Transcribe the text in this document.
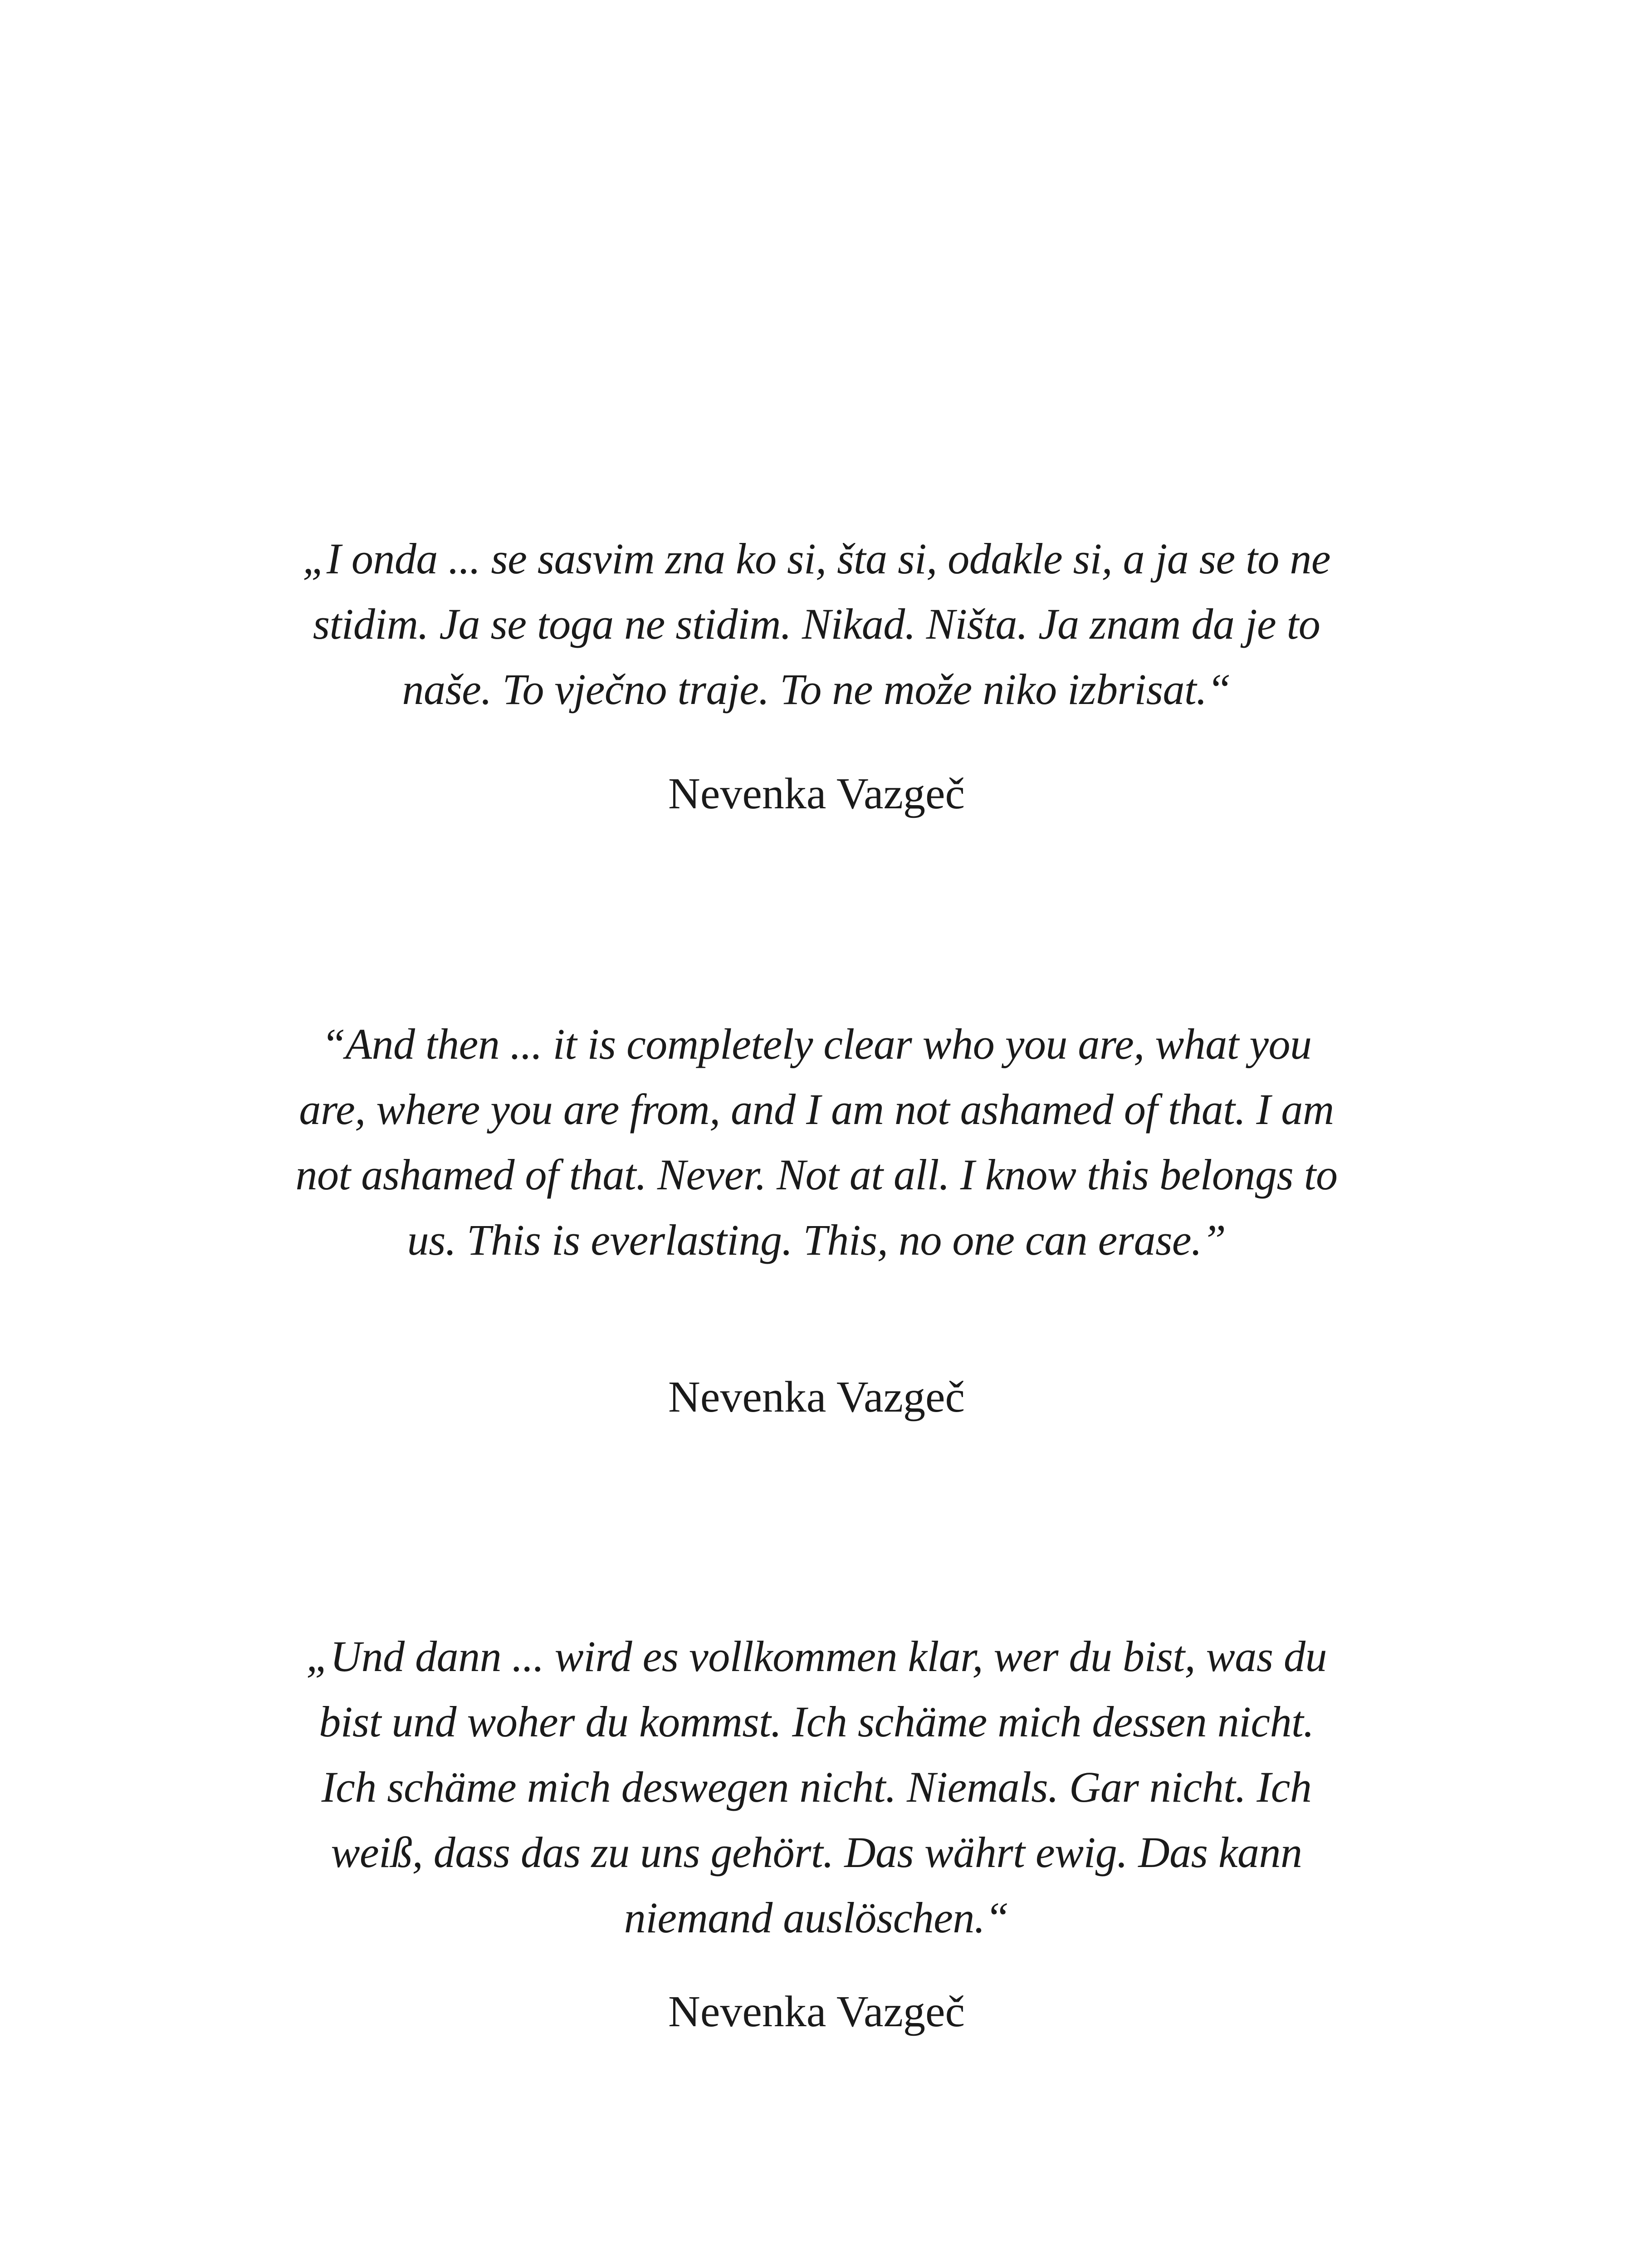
„I onda ... se sasvim zna ko si, šta si, odakle si, a ja se to ne stidim. Ja se toga ne stidim. Nikad. Ništa. Ja znam da je to naše. To vječno traje. To ne može niko izbrisat.“

Nevenka Vazgeč

“And then ... it is completely clear who you are, what you are, where you are from, and I am not ashamed of that. I am not ashamed of that. Never. Not at all. I know this belongs to us. This is everlasting. This, no one can erase.”

Nevenka Vazgeč

„Und dann ... wird es vollkommen klar, wer du bist, was du bist und woher du kommst. Ich schäme mich dessen nicht. Ich schäme mich deswegen nicht. Niemals. Gar nicht. Ich weiß, dass das zu uns gehört. Das währt ewig. Das kann niemand auslöschen.“

Nevenka Vazgeč
